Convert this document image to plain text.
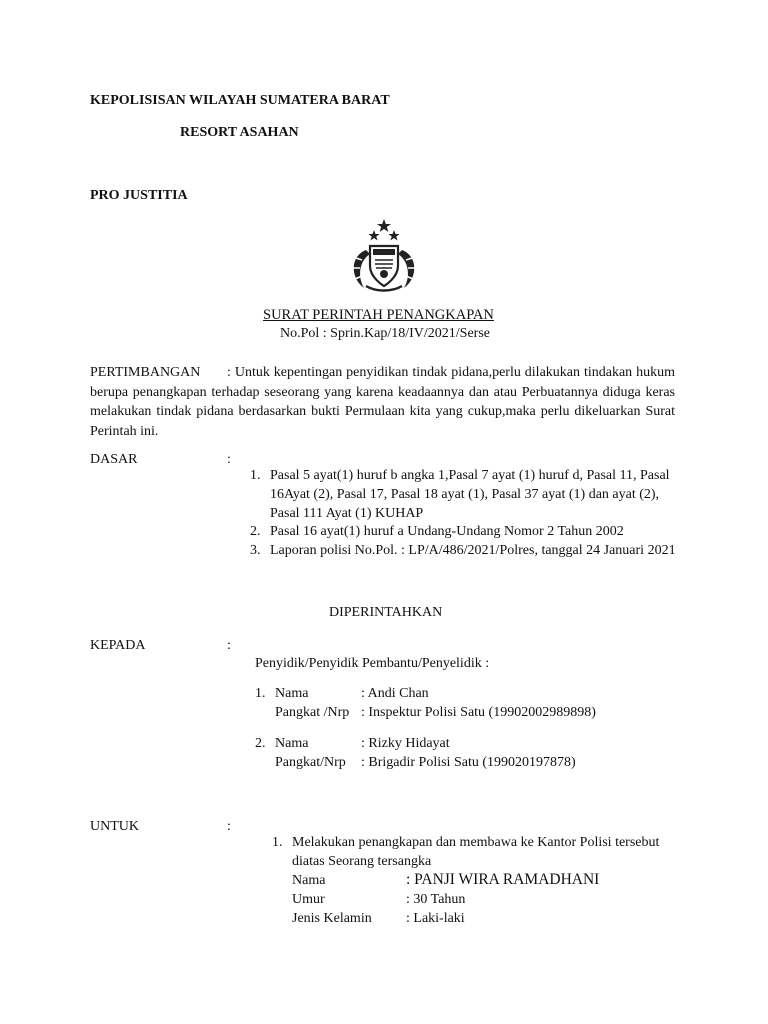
KEPOLISISAN WILAYAH SUMATERA BARAT
RESORT ASAHAN
PRO JUSTITIA
SURAT PERINTAH PENANGKAPAN
No.Pol : Sprin.Kap/18/IV/2021/Serse
PERTIMBANGAN	: Untuk kepentingan penyidikan tindak pidana,perlu dilakukan tindakan hukum berupa penangkapan terhadap seseorang yang karena keadaannya dan atau Perbuatannya diduga keras melakukan tindak pidana berdasarkan bukti Permulaan kita yang cukup,maka perlu dikeluarkan Surat Perintah ini.
DASAR	:
1. Pasal 5 ayat(1) huruf b angka 1,Pasal 7 ayat (1) huruf d, Pasal 11, Pasal
16Ayat (2), Pasal 17, Pasal 18 ayat (1), Pasal 37 ayat (1) dan ayat (2),
Pasal 111 Ayat (1) KUHAP
2. Pasal 16 ayat(1) huruf a Undang-Undang Nomor 2 Tahun 2002
3. Laporan polisi No.Pol. : LP/A/486/2021/Polres, tanggal 24 Januari 2021
DIPERINTAHKAN
KEPADA	:
Penyidik/Penyidik Pembantu/Penyelidik :
1. Nama	: Andi Chan
Pangkat /Nrp : Inspektur Polisi Satu (19902002989898)
2. Nama	: Rizky Hidayat
Pangkat/Nrp : Brigadir Polisi Satu (199020197878)
UNTUK	:
1. Melakukan penangkapan dan membawa ke Kantor Polisi tersebut
diatas Seorang tersangka
Nama	: PANJI WIRA RAMADHANI
Umur	: 30 Tahun
Jenis Kelamin : Laki-laki
